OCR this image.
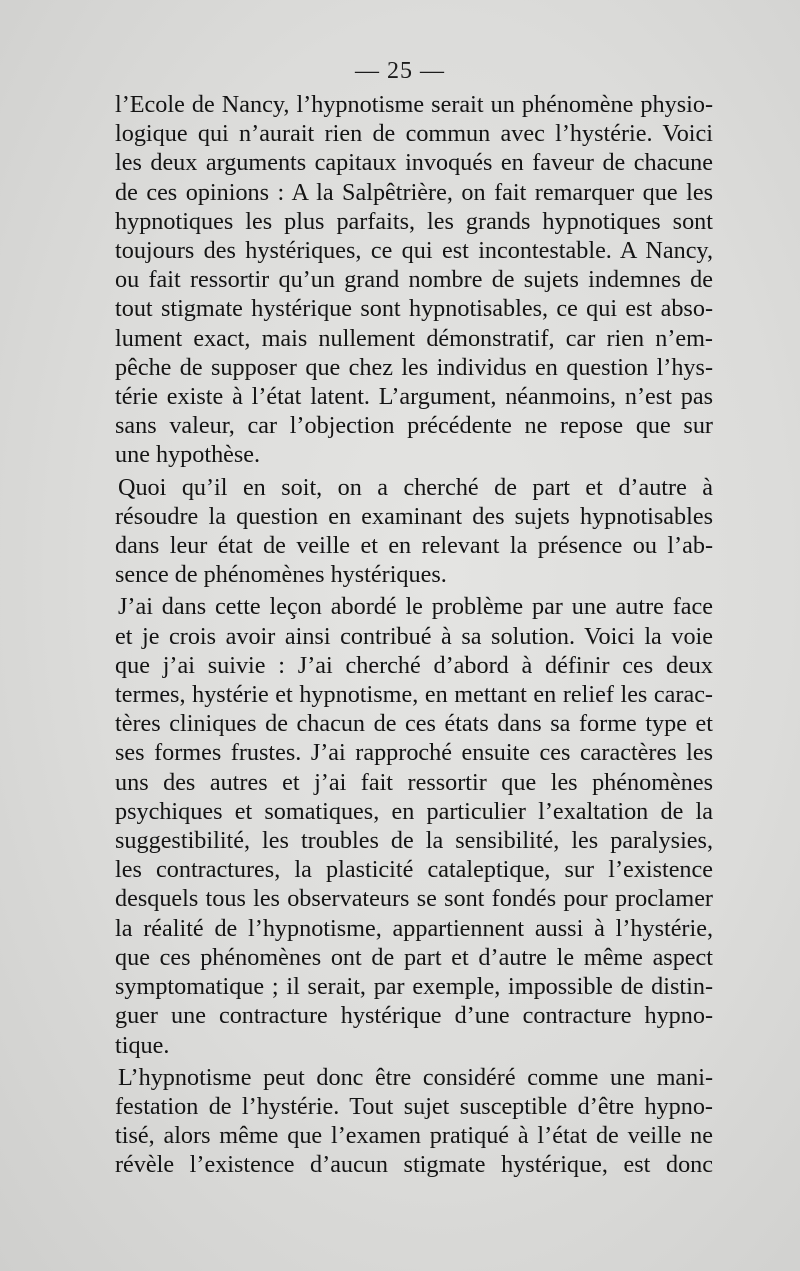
— 25 —
l’Ecole de Nancy, l’hypnotisme serait un phénomène physio-
logique qui n’aurait rien de commun avec l’hystérie. Voici
les deux arguments capitaux invoqués en faveur de chacune
de ces opinions : A la Salpêtrière, on fait remarquer que les
hypnotiques les plus parfaits, les grands hypnotiques sont
toujours des hystériques, ce qui est incontestable. A Nancy,
ou fait ressortir qu’un grand nombre de sujets indemnes de
tout stigmate hystérique sont hypnotisables, ce qui est abso-
lument exact, mais nullement démonstratif, car rien n’em-
pêche de supposer que chez les individus en question l’hys-
térie existe à l’état latent. L’argument, néanmoins, n’est pas
sans valeur, car l’objection précédente ne repose que sur
une hypothèse.
Quoi qu’il en soit, on a cherché de part et d’autre à
résoudre la question en examinant des sujets hypnotisables
dans leur état de veille et en relevant la présence ou l’ab-
sence de phénomènes hystériques.
J’ai dans cette leçon abordé le problème par une autre face
et je crois avoir ainsi contribué à sa solution. Voici la voie
que j’ai suivie : J’ai cherché d’abord à définir ces deux
termes, hystérie et hypnotisme, en mettant en relief les carac-
tères cliniques de chacun de ces états dans sa forme type et
ses formes frustes. J’ai rapproché ensuite ces caractères les
uns des autres et j’ai fait ressortir que les phénomènes
psychiques et somatiques, en particulier l’exaltation de la
suggestibilité, les troubles de la sensibilité, les paralysies,
les contractures, la plasticité cataleptique, sur l’existence
desquels tous les observateurs se sont fondés pour proclamer
la réalité de l’hypnotisme, appartiennent aussi à l’hystérie,
que ces phénomènes ont de part et d’autre le même aspect
symptomatique ; il serait, par exemple, impossible de distin-
guer une contracture hystérique d’une contracture hypno-
tique.
L’hypnotisme peut donc être considéré comme une mani-
festation de l’hystérie. Tout sujet susceptible d’être hypno-
tisé, alors même que l’examen pratiqué à l’état de veille ne
révèle l’existence d’aucun stigmate hystérique, est donc
